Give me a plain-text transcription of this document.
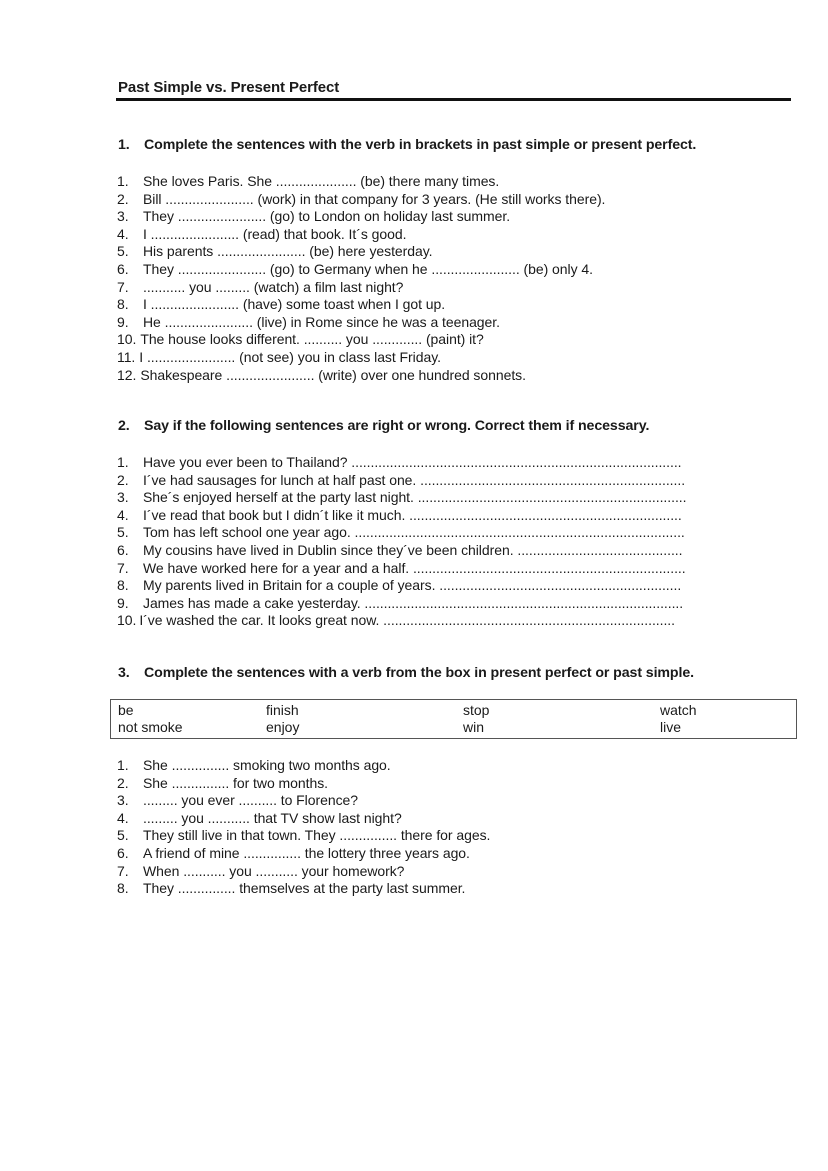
Past Simple vs. Present Perfect
1. Complete the sentences with the verb in brackets in past simple or present perfect.
1. She loves Paris. She ..................... (be) there many times.
2. Bill ....................... (work) in that company for 3 years. (He still works there).
3. They ....................... (go) to London on holiday last summer.
4. I ....................... (read) that book. It´s good.
5. His parents ....................... (be) here yesterday.
6. They ....................... (go) to Germany when he ....................... (be) only 4.
7. ........... you ......... (watch) a film last night?
8. I ....................... (have) some toast when I got up.
9. He ....................... (live) in Rome since he was a teenager.
10. The house looks different. .......... you ............. (paint) it?
11. I ....................... (not see) you in class last Friday.
12. Shakespeare ....................... (write) over one hundred sonnets.
2. Say if the following sentences are right or wrong. Correct them if necessary.
1. Have you ever been to Thailand? ......................................................................................
2. I´ve had sausages for lunch at half past one. .....................................................................
3. She´s enjoyed herself at the party last night. ......................................................................
4. I´ve read that book but I didn´t like it much. .......................................................................
5. Tom has left school one year ago. ......................................................................................
6. My cousins have lived in Dublin since they´ve been children. ...........................................
7. We have worked here for a year and a half. .......................................................................
8. My parents lived in Britain for a couple of years. ...............................................................
9. James has made a cake yesterday. ...................................................................................
10. I´ve washed the car. It looks great now. ............................................................................
3. Complete the sentences with a verb from the box in present perfect or past simple.
be	finish	stop	watch
not smoke	enjoy	win	live
1. She ............... smoking two months ago.
2. She ............... for two months.
3. ......... you ever .......... to Florence?
4. ......... you ........... that TV show last night?
5. They still live in that town. They ............... there for ages.
6. A friend of mine ............... the lottery three years ago.
7. When ........... you ........... your homework?
8. They ............... themselves at the party last summer.
